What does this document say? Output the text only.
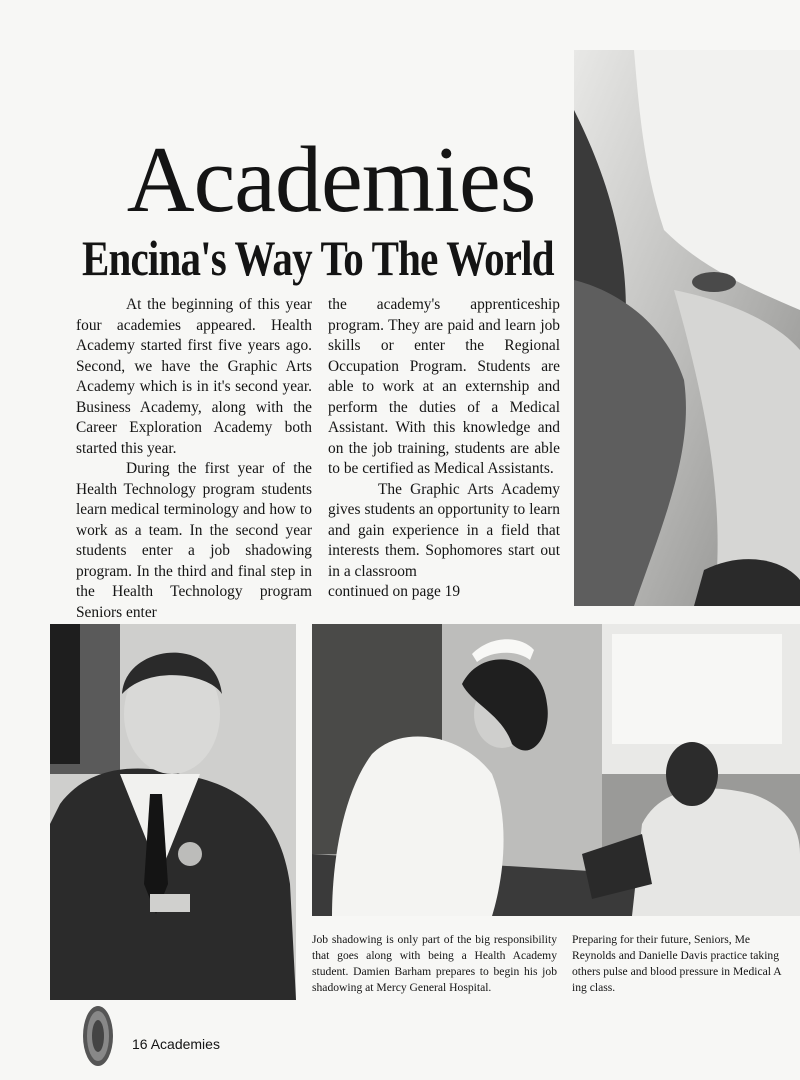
Academies
Encina's Way To The World

At the beginning of this year four academies appeared. Health Academy started first five years ago. Second, we have the Graphic Arts Academy which is in it's second year. Business Academy, along with the Career Exploration Academy both started this year.

During the first year of the Health Technology program students learn medical terminology and how to work as a team. In the second year students enter a job shadowing program. In the third and final step in the Health Technology program Seniors enter

the academy's apprenticeship program. They are paid and learn job skills or enter the Regional Occupation Program. Students are able to work at an externship and perform the duties of a Medical Assistant. With this knowledge and on the job training, students are able to be certified as Medical Assistants.

The Graphic Arts Academy gives students an opportunity to learn and gain experience in a field that interests them. Sophomores start out in a classroom

continued on page 19

Job shadowing is only part of the big responsibility that goes along with being a Health Academy student. Damien Barham prepares to begin his job shadowing at Mercy General Hospital.
Preparing for their future, Seniors, Me
Reynolds and Danielle Davis practice taking
others pulse and blood pressure in Medical A
ing class.
16 Academies
